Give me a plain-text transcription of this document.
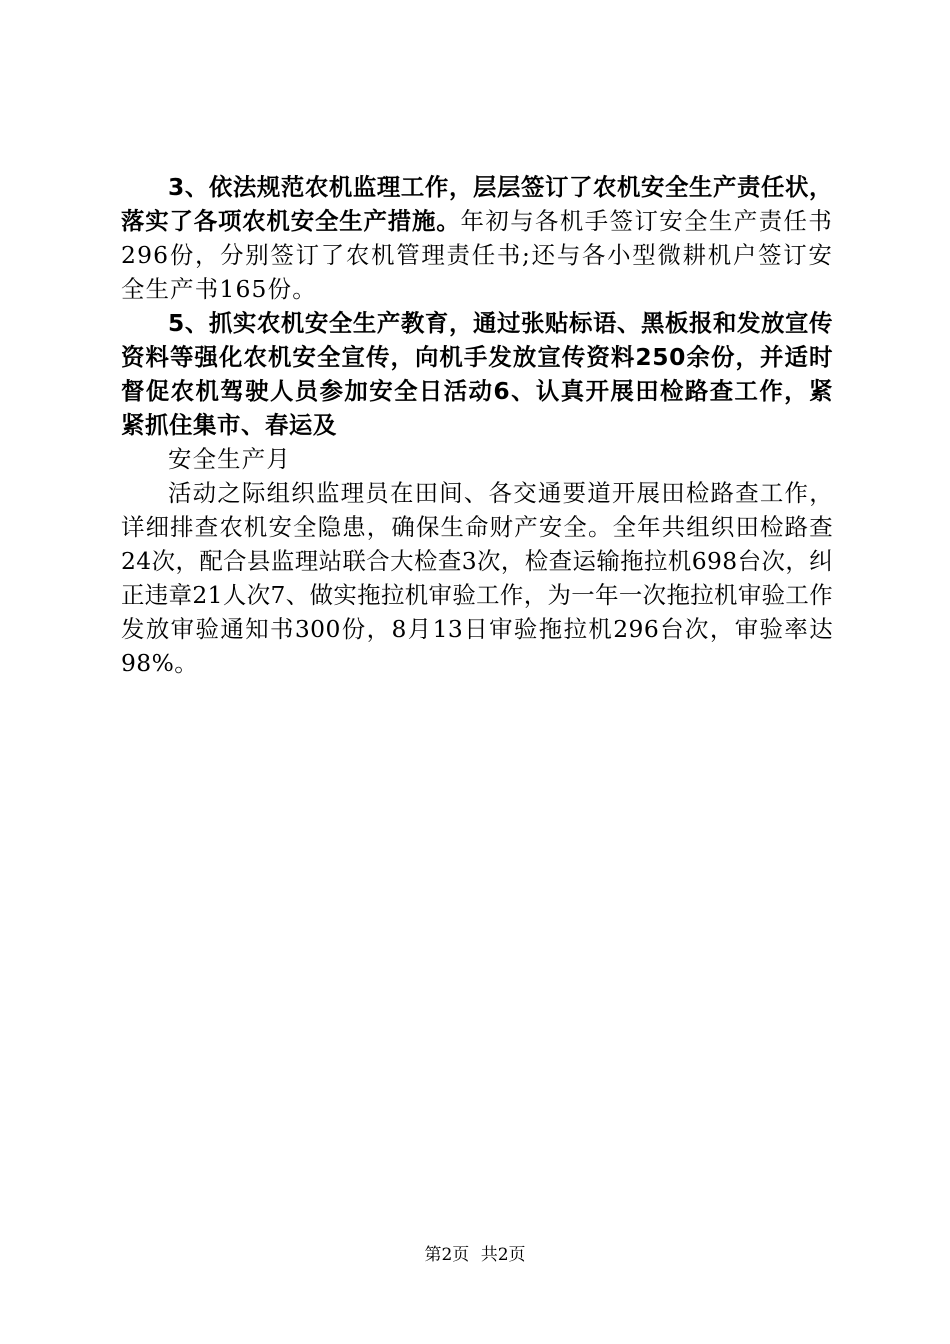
3、依法规范农机监理工作，层层签订了农机安全生产责任状，落实了各项农机安全生产措施。年初与各机手签订安全生产责任书296份，分别签订了农机管理责任书;还与各小型微耕机户签订安全生产书165份。

5、抓实农机安全生产教育，通过张贴标语、黑板报和发放宣传资料等强化农机安全宣传，向机手发放宣传资料250余份，并适时督促农机驾驶人员参加安全日活动6、认真开展田检路查工作，紧紧抓住集市、春运及

安全生产月

活动之际组织监理员在田间、各交通要道开展田检路查工作，详细排查农机安全隐患，确保生命财产安全。全年共组织田检路查24次，配合县监理站联合大检查3次，检查运输拖拉机698台次，纠正违章21人次7、做实拖拉机审验工作，为一年一次拖拉机审验工作发放审验通知书300份，8月13日审验拖拉机296台次，审验率达98%。

第2页 共2页
